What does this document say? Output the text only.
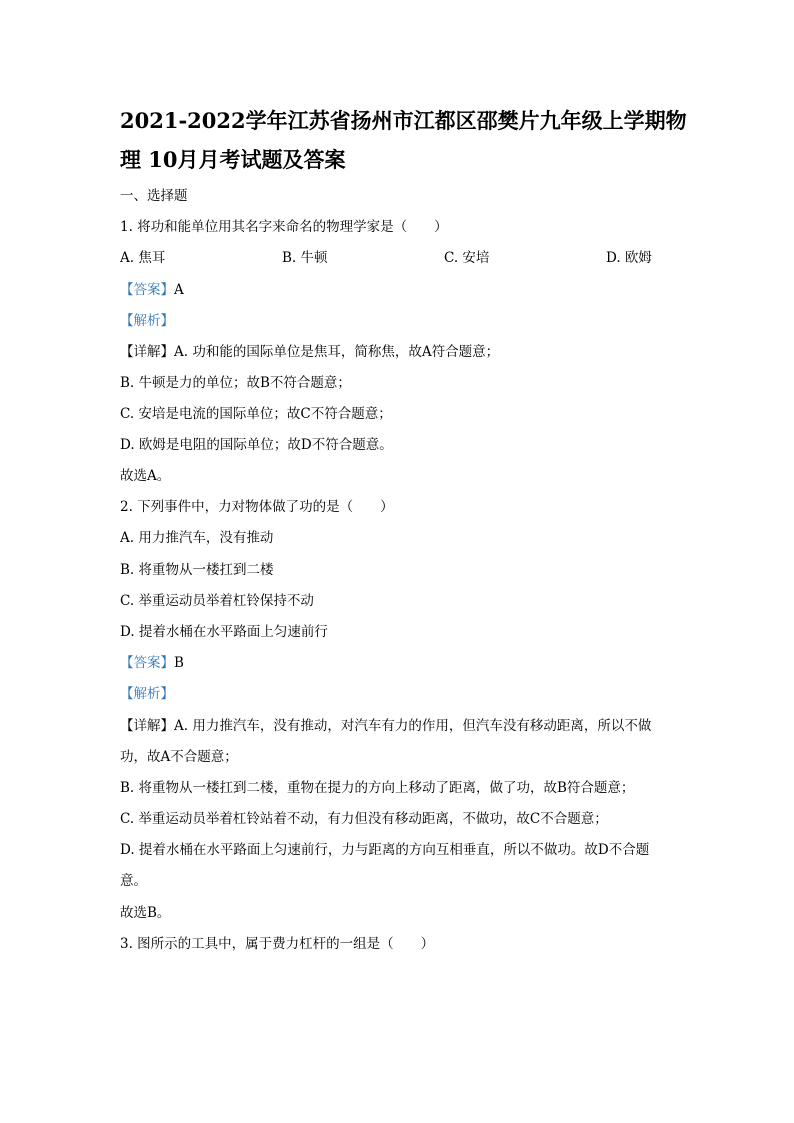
2021-2022学年江苏省扬州市江都区邵樊片九年级上学期物
理 10月月考试题及答案
一、选择题
1. 将功和能单位用其名字来命名的物理学家是（　　）
A. 焦耳	B. 牛顿	C. 安培	D. 欧姆
【答案】A
【解析】
【详解】A. 功和能的国际单位是焦耳，简称焦，故A符合题意；
B. 牛顿是力的单位；故B不符合题意；
C. 安培是电流的国际单位；故C不符合题意；
D. 欧姆是电阻的国际单位；故D不符合题意。
故选A。
2. 下列事件中，力对物体做了功的是（　　）
A. 用力推汽车，没有推动
B. 将重物从一楼扛到二楼
C. 举重运动员举着杠铃保持不动
D. 提着水桶在水平路面上匀速前行
【答案】B
【解析】
【详解】A. 用力推汽车，没有推动，对汽车有力的作用，但汽车没有移动距离，所以不做
功，故A不合题意；
B. 将重物从一楼扛到二楼，重物在提力的方向上移动了距离，做了功，故B符合题意；
C. 举重运动员举着杠铃站着不动，有力但没有移动距离，不做功，故C不合题意；
D. 提着水桶在水平路面上匀速前行，力与距离的方向互相垂直，所以不做功。故D不合题
意。
故选B。
3. 图所示的工具中，属于费力杠杆的一组是（　　）
